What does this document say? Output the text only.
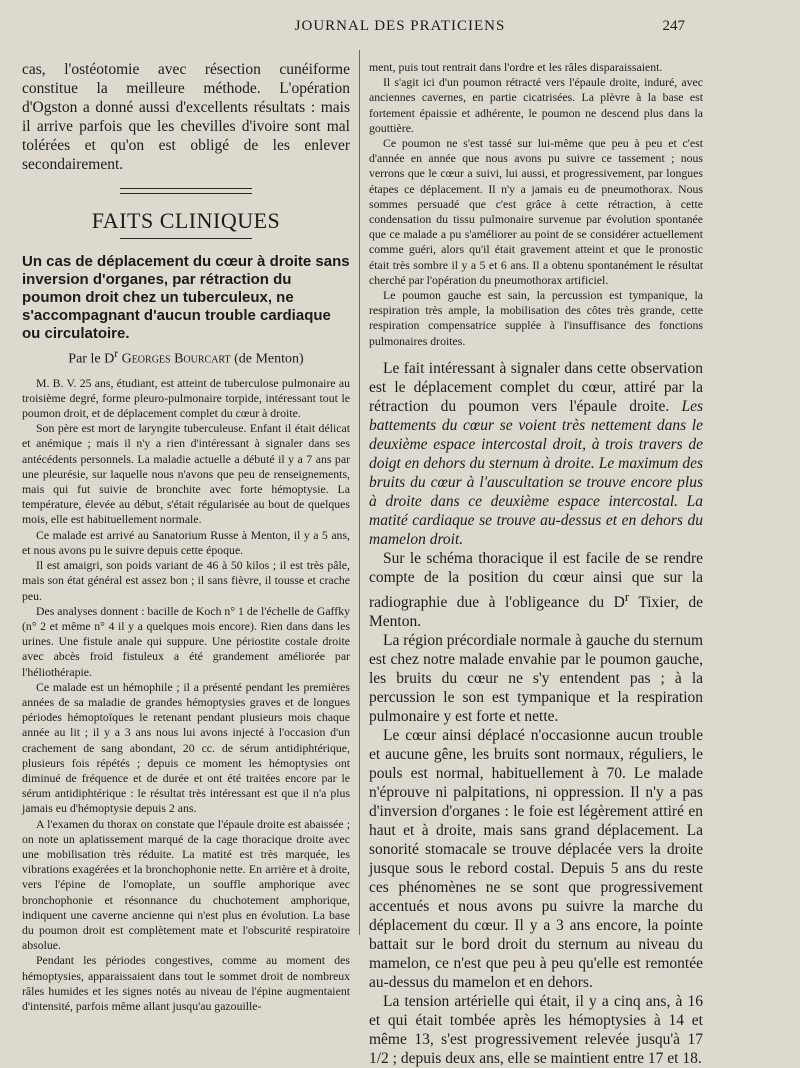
JOURNAL DES PRATICIENS	247

cas, l'ostéotomie avec résection cunéiforme constitue la meilleure méthode. L'opération d'Ogston a donné aussi d'excellents résultats : mais il arrive parfois que les chevilles d'ivoire sont mal tolérées et qu'on est obligé de les enlever secondairement.

FAITS CLINIQUES
Un cas de déplacement du cœur à droite sans inversion d'organes, par rétraction du poumon droit chez un tuberculeux, ne s'accompagnant d'aucun trouble cardiaque ou circulatoire.
Par le $D^r$ Georges Bourcart (de Menton)

M. B. V. 25 ans, étudiant, est atteint de tuberculose pulmonaire au troisième degré, forme pleuro-pulmonaire torpide, intéressant tout le poumon droit, et de déplacement complet du cœur à droite.

Son père est mort de laryngite tuberculeuse. Enfant il était délicat et anémique ; mais il n'y a rien d'intéressant à signaler dans ses antécédents personnels. La maladie actuelle a débuté il y a 7 ans par une pleurésie, sur laquelle nous n'avons que peu de renseignements, mais qui fut suivie de bronchite avec forte hémoptysie. La température, élevée au début, s'était régularisée au bout de quelques mois, elle est habituellement normale.

Ce malade est arrivé au Sanatorium Russe à Menton, il y a 5 ans, et nous avons pu le suivre depuis cette époque.

Il est amaigri, son poids variant de 46 à 50 kilos ; il est très pâle, mais son état général est assez bon ; il sans fièvre, il tousse et crache peu.

Des analyses donnent : bacille de Koch n° 1 de l'échelle de Gaffky (n° 2 et même n° 4 il y a quelques mois encore). Rien dans dans les urines. Une fistule anale qui suppure. Une périostite costale droite avec abcès froid fistuleux a été grandement améliorée par l'héliothérapie.

Ce malade est un hémophile ; il a présenté pendant les premières années de sa maladie de grandes hémoptysies graves et de longues périodes hémoptoïques le retenant pendant plusieurs mois chaque année au lit ; il y a 3 ans nous lui avons injecté à l'occasion d'un crachement de sang abondant, 20 cc. de sérum antidiphtérique, plusieurs fois répétés ; depuis ce moment les hémoptysies ont diminué de fréquence et de durée et ont été traitées encore par le sérum antidiphtérique : le résultat très intéressant est que il n'a plus jamais eu d'hémoptysie depuis 2 ans.

A l'examen du thorax on constate que l'épaule droite est abaissée ; on note un aplatissement marqué de la cage thoracique droite avec une mobilisation très réduite. La matité est très marquée, les vibrations exagérées et la bronchophonie nette. En arrière et à droite, vers l'épine de l'omoplate, un souffle amphorique avec bronchophonie et résonnance du chuchotement amphorique, indiquent une caverne ancienne qui n'est plus en évolution. La base du poumon droit est complètement mate et l'obscurité respiratoire absolue.

Pendant les périodes congestives, comme au moment des hémoptysies, apparaissaient dans tout le sommet droit de nombreux râles humides et les signes notés au niveau de l'épine augmentaient d'intensité, parfois même allant jusqu'au gazouille-

ment, puis tout rentrait dans l'ordre et les râles disparaissaient.

Il s'agit ici d'un poumon rétracté vers l'épaule droite, induré, avec anciennes cavernes, en partie cicatrisées. La plèvre à la base est fortement épaissie et adhérente, le poumon ne descend plus dans la gouttière.

Ce poumon ne s'est tassé sur lui-même que peu à peu et c'est d'année en année que nous avons pu suivre ce tassement ; nous verrons que le cœur a suivi, lui aussi, et progressivement, par longues étapes ce déplacement. Il n'y a jamais eu de pneumothorax. Nous sommes persuadé que c'est grâce à cette rétraction, à cette condensation du tissu pulmonaire survenue par évolution spontanée que ce malade a pu s'améliorer au point de se considérer actuellement comme guéri, alors qu'il était gravement atteint et que le pronostic était très sombre il y a 5 et 6 ans. Il a obtenu spontanément le résultat cherché par l'opération du pneumothorax artificiel.

Le poumon gauche est sain, la percussion est tympanique, la respiration très ample, la mobilisation des côtes très grande, cette respiration compensatrice supplée à l'insuffisance des fonctions pulmonaires droites.

Le fait intéressant à signaler dans cette observation est le déplacement complet du cœur, attiré par la rétraction du poumon vers l'épaule droite. Les battements du cœur se voient très nettement dans le deuxième espace intercostal droit, à trois travers de doigt en dehors du sternum à droite. Le maximum des bruits du cœur à l'auscultation se trouve encore plus à droite dans ce deuxième espace intercostal. La matité cardiaque se trouve au-dessus et en dehors du mamelon droit.

Sur le schéma thoracique il est facile de se rendre compte de la position du cœur ainsi que sur la radiographie due à l'obligeance du $D^r$ Tixier, de Menton.

La région précordiale normale à gauche du sternum est chez notre malade envahie par le poumon gauche, les bruits du cœur ne s'y entendent pas ; à la percussion le son est tympanique et la respiration pulmonaire y est forte et nette.

Le cœur ainsi déplacé n'occasionne aucun trouble et aucune gêne, les bruits sont normaux, réguliers, le pouls est normal, habituellement à 70. Le malade n'éprouve ni palpitations, ni oppression. Il n'y a pas d'inversion d'organes : le foie est légèrement attiré en haut et à droite, mais sans grand déplacement. La sonorité stomacale se trouve déplacée vers la droite jusque sous le rebord costal. Depuis 5 ans du reste ces phénomènes ne se sont que progressivement accentués et nous avons pu suivre la marche du déplacement du cœur. Il y a 3 ans encore, la pointe battait sur le bord droit du sternum au niveau du mamelon, ce n'est que peu à peu qu'elle est remontée au-dessus du mamelon et en dehors.

La tension artérielle qui était, il y a cinq ans, à 16 et qui était tombée après les hémoptysies à 14 et même 13, s'est progressivement relevée jusqu'à 17 1/2 ; depuis deux ans, elle se maintient entre 17 et 18.
